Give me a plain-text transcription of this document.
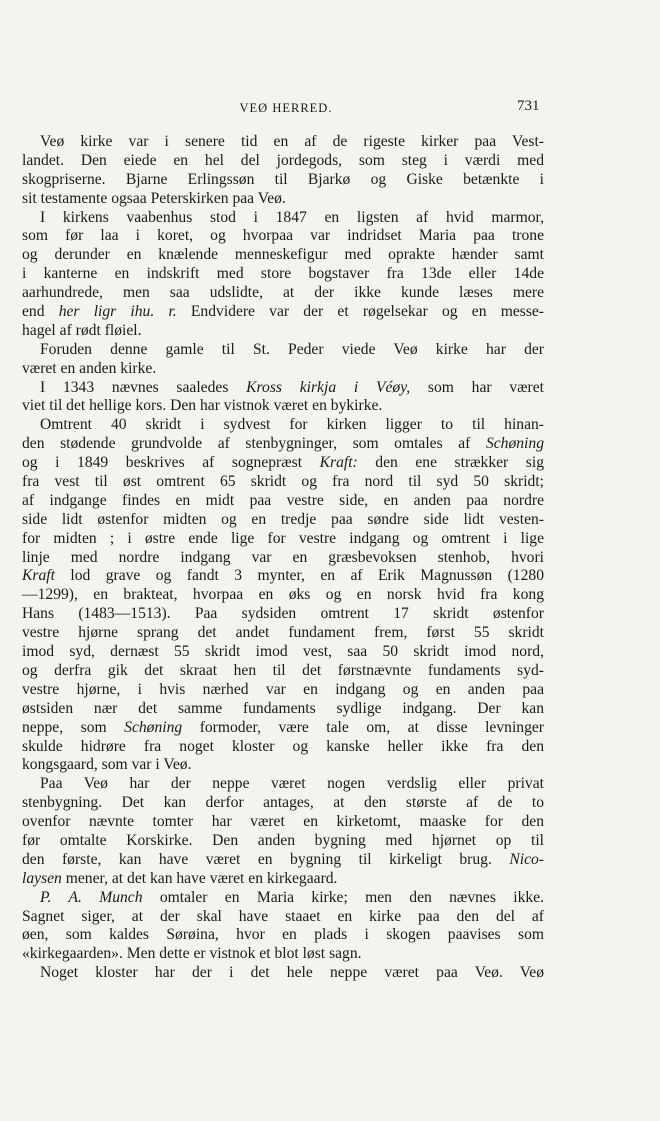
VEØ HERRED.	731
Veø kirke var i senere tid en af de rigeste kirker paa Vest-
landet. Den eiede en hel del jordegods, som steg i værdi med
skogpriserne. Bjarne Erlingssøn til Bjarkø og Giske betænkte i
sit testamente ogsaa Peterskirken paa Veø.
I kirkens vaabenhus stod i 1847 en ligsten af hvid marmor,
som før laa i koret, og hvorpaa var indridset Maria paa trone
og derunder en knælende menneskefigur med oprakte hænder samt
i kanterne en indskrift med store bogstaver fra 13de eller 14de
aarhundrede, men saa udslidte, at der ikke kunde læses mere
end her ligr ihu. r. Endvidere var der et røgelsekar og en messe-
hagel af rødt fløiel.
Foruden denne gamle til St. Peder viede Veø kirke har der
været en anden kirke.
I 1343 nævnes saaledes Kross kirkja i Véøy, som har været
viet til det hellige kors. Den har vistnok været en bykirke.
Omtrent 40 skridt i sydvest for kirken ligger to til hinan-
den stødende grundvolde af stenbygninger, som omtales af Schøning
og i 1849 beskrives af sognepræst Kraft: den ene strækker sig
fra vest til øst omtrent 65 skridt og fra nord til syd 50 skridt;
af indgange findes en midt paa vestre side, en anden paa nordre
side lidt østenfor midten og en tredje paa søndre side lidt vesten-
for midten ; i østre ende lige for vestre indgang og omtrent i lige
linje med nordre indgang var en græsbevoksen stenhob, hvori
Kraft lod grave og fandt 3 mynter, en af Erik Magnussøn (1280
—1299), en brakteat, hvorpaa en øks og en norsk hvid fra kong
Hans (1483—1513). Paa sydsiden omtrent 17 skridt østenfor
vestre hjørne sprang det andet fundament frem, først 55 skridt
imod syd, dernæst 55 skridt imod vest, saa 50 skridt imod nord,
og derfra gik det skraat hen til det førstnævnte fundaments syd-
vestre hjørne, i hvis nærhed var en indgang og en anden paa
østsiden nær det samme fundaments sydlige indgang. Der kan
neppe, som Schøning formoder, være tale om, at disse levninger
skulde hidrøre fra noget kloster og kanske heller ikke fra den
kongsgaard, som var i Veø.
Paa Veø har der neppe været nogen verdslig eller privat
stenbygning. Det kan derfor antages, at den største af de to
ovenfor nævnte tomter har været en kirketomt, maaske for den
før omtalte Korskirke. Den anden bygning med hjørnet op til
den første, kan have været en bygning til kirkeligt brug. Nico-
laysen mener, at det kan have været en kirkegaard.
P. A. Munch omtaler en Maria kirke; men den nævnes ikke.
Sagnet siger, at der skal have staaet en kirke paa den del af
øen, som kaldes Sørøina, hvor en plads i skogen paavises som
«kirkegaarden». Men dette er vistnok et blot løst sagn.
Noget kloster har der i det hele neppe været paa Veø. Veø
